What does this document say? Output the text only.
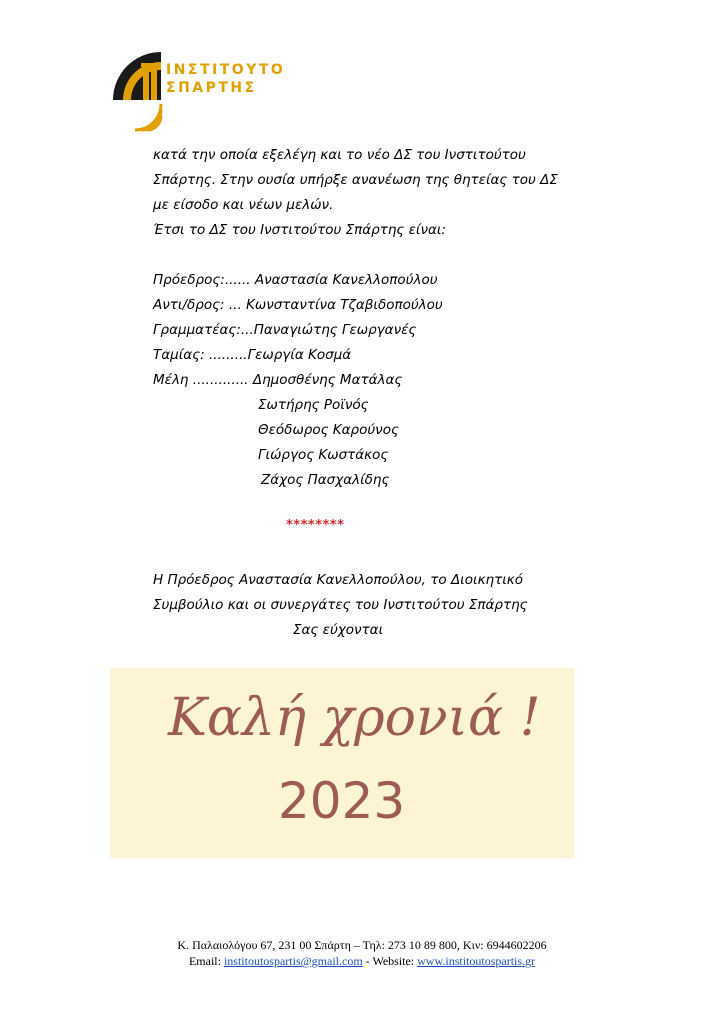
ΙΝΣΤΙΤΟΥΤΟ
ΣΠΑΡΤΗΣ
κατά την οποία εξελέγη και το νέο ΔΣ του Ινστιτούτου
Σπάρτης. Στην ουσία υπήρξε ανανέωση της θητείας του ΔΣ
με είσοδο και νέων μελών.
Έτσι το ΔΣ του Ινστιτούτου Σπάρτης είναι:
Πρόεδρος:...... Αναστασία Κανελλοπούλου
Αντι/δρος: ... Κωνσταντίνα Τζαβιδοπούλου
Γραμματέας:...Παναγιώτης Γεωργανές
Ταμίας: .........Γεωργία Κοσμά
Μέλη ............. Δημοσθένης Ματάλας
Σωτήρης Ροϊνός
Θεόδωρος Καρούνος
Γιώργος Κωστάκος
Ζάχος Πασχαλίδης
********
Η Πρόεδρος Αναστασία Κανελλοπούλου, το Διοικητικό
Συμβούλιο και οι συνεργάτες του Ινστιτούτου Σπάρτης
Σας εύχονται
Καλή χρονιά !
2023
Κ. Παλαιολόγου 67, 231 00 Σπάρτη – Τηλ: 273 10 89 800, Κιν: 6944602206
Email: institoutospartis@gmail.com - Website: www.institoutospartis.gr
